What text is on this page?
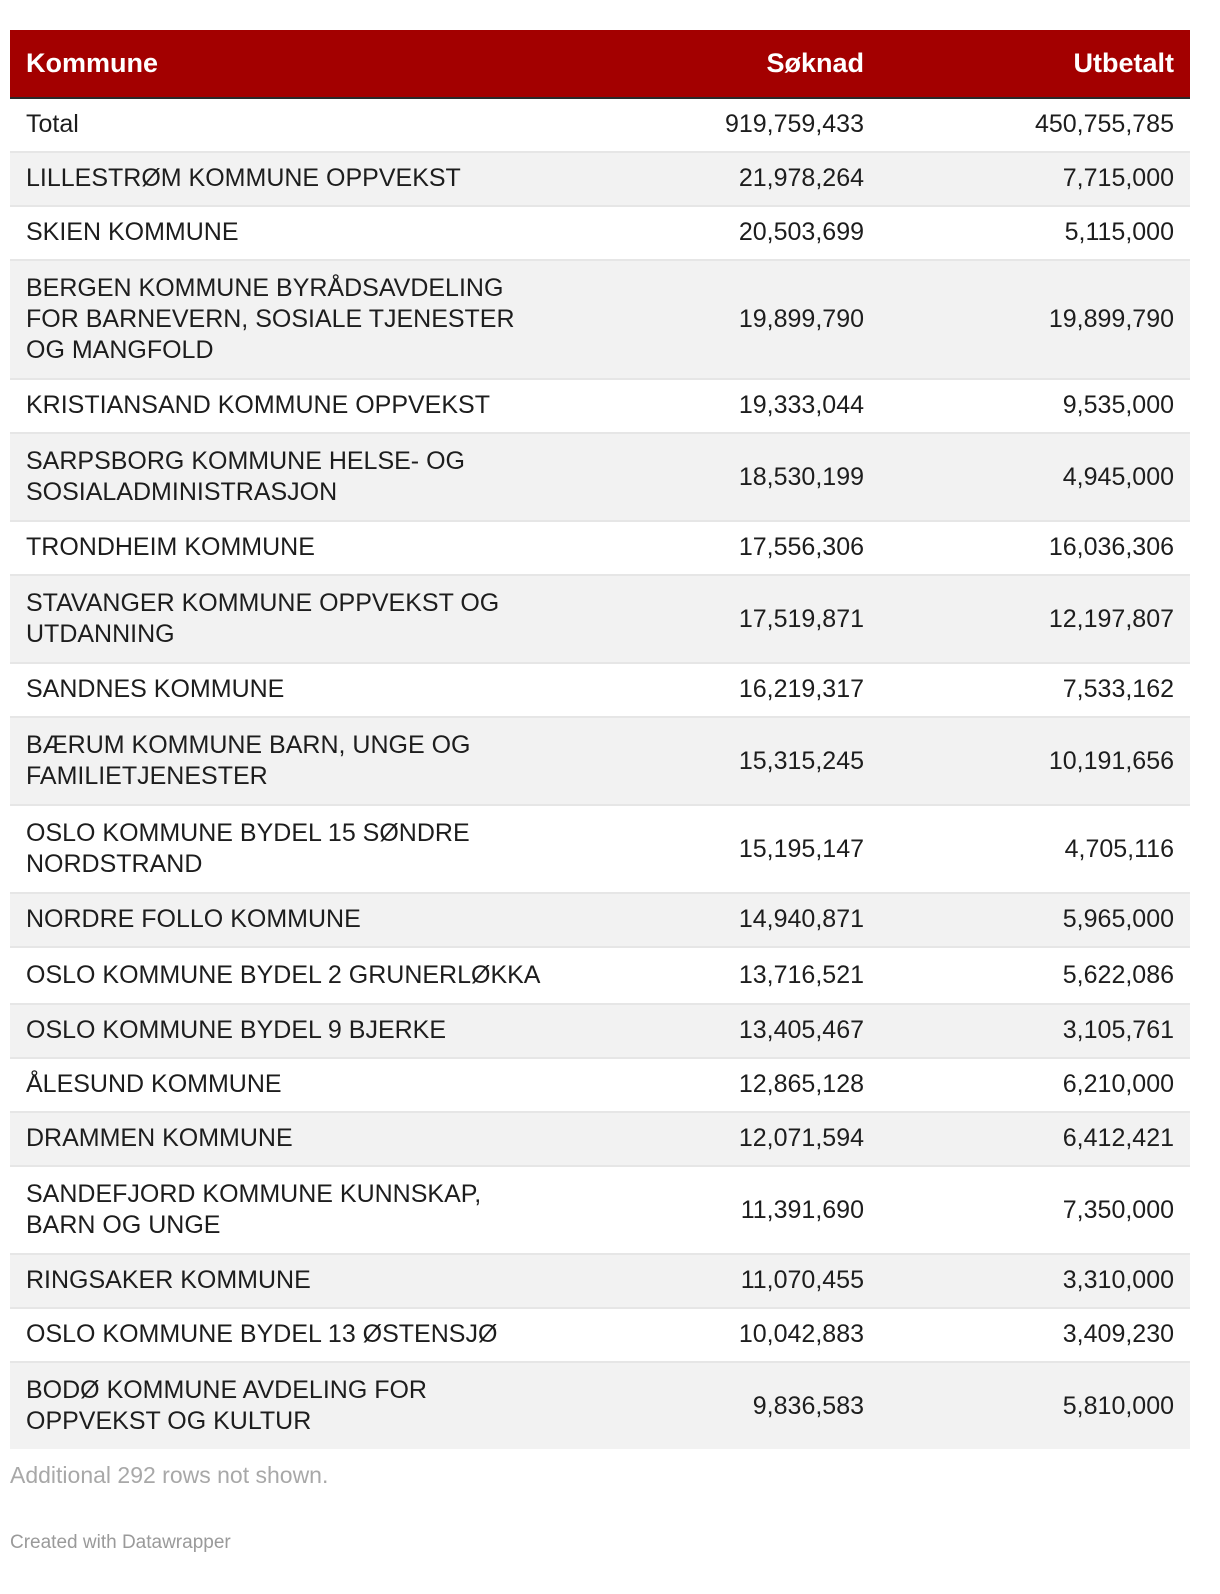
Kommune	Søknad	Utbetalt
Total	919,759,433	450,755,785
LILLESTRØM KOMMUNE OPPVEKST	21,978,264	7,715,000
SKIEN KOMMUNE	20,503,699	5,115,000
BERGEN KOMMUNE BYRÅDSAVDELING FOR BARNEVERN, SOSIALE TJENESTER OG MANGFOLD	19,899,790	19,899,790
KRISTIANSAND KOMMUNE OPPVEKST	19,333,044	9,535,000
SARPSBORG KOMMUNE HELSE- OG SOSIALADMINISTRASJON	18,530,199	4,945,000
TRONDHEIM KOMMUNE	17,556,306	16,036,306
STAVANGER KOMMUNE OPPVEKST OG UTDANNING	17,519,871	12,197,807
SANDNES KOMMUNE	16,219,317	7,533,162
BÆRUM KOMMUNE BARN, UNGE OG FAMILIETJENESTER	15,315,245	10,191,656
OSLO KOMMUNE BYDEL 15 SØNDRE NORDSTRAND	15,195,147	4,705,116
NORDRE FOLLO KOMMUNE	14,940,871	5,965,000
OSLO KOMMUNE BYDEL 2 GRUNERLØKKA	13,716,521	5,622,086
OSLO KOMMUNE BYDEL 9 BJERKE	13,405,467	3,105,761
ÅLESUND KOMMUNE	12,865,128	6,210,000
DRAMMEN KOMMUNE	12,071,594	6,412,421
SANDEFJORD KOMMUNE KUNNSKAP, BARN OG UNGE	11,391,690	7,350,000
RINGSAKER KOMMUNE	11,070,455	3,310,000
OSLO KOMMUNE BYDEL 13 ØSTENSJØ	10,042,883	3,409,230
BODØ KOMMUNE AVDELING FOR OPPVEKST OG KULTUR	9,836,583	5,810,000
Additional 292 rows not shown.
Created with Datawrapper
